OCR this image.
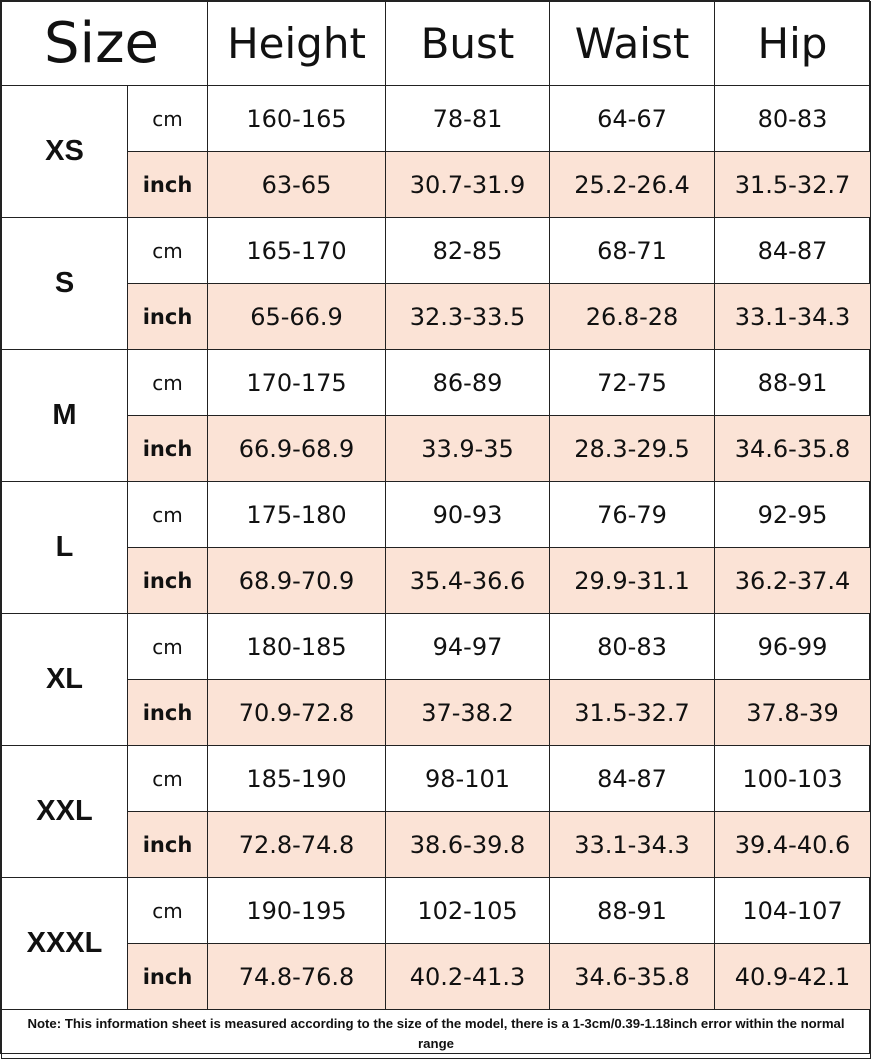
Size		Height	Bust	Waist	Hip
XS	cm	160-165	78-81	64-67	80-83
	inch	63-65	30.7-31.9	25.2-26.4	31.5-32.7
S	cm	165-170	82-85	68-71	84-87
	inch	65-66.9	32.3-33.5	26.8-28	33.1-34.3
M	cm	170-175	86-89	72-75	88-91
	inch	66.9-68.9	33.9-35	28.3-29.5	34.6-35.8
L	cm	175-180	90-93	76-79	92-95
	inch	68.9-70.9	35.4-36.6	29.9-31.1	36.2-37.4
XL	cm	180-185	94-97	80-83	96-99
	inch	70.9-72.8	37-38.2	31.5-32.7	37.8-39
XXL	cm	185-190	98-101	84-87	100-103
	inch	72.8-74.8	38.6-39.8	33.1-34.3	39.4-40.6
XXXL	cm	190-195	102-105	88-91	104-107
	inch	74.8-76.8	40.2-41.3	34.6-35.8	40.9-42.1
Note: This information sheet is measured according to the size of the model, there is a 1-3cm/0.39-1.18inch error within the normal range					
